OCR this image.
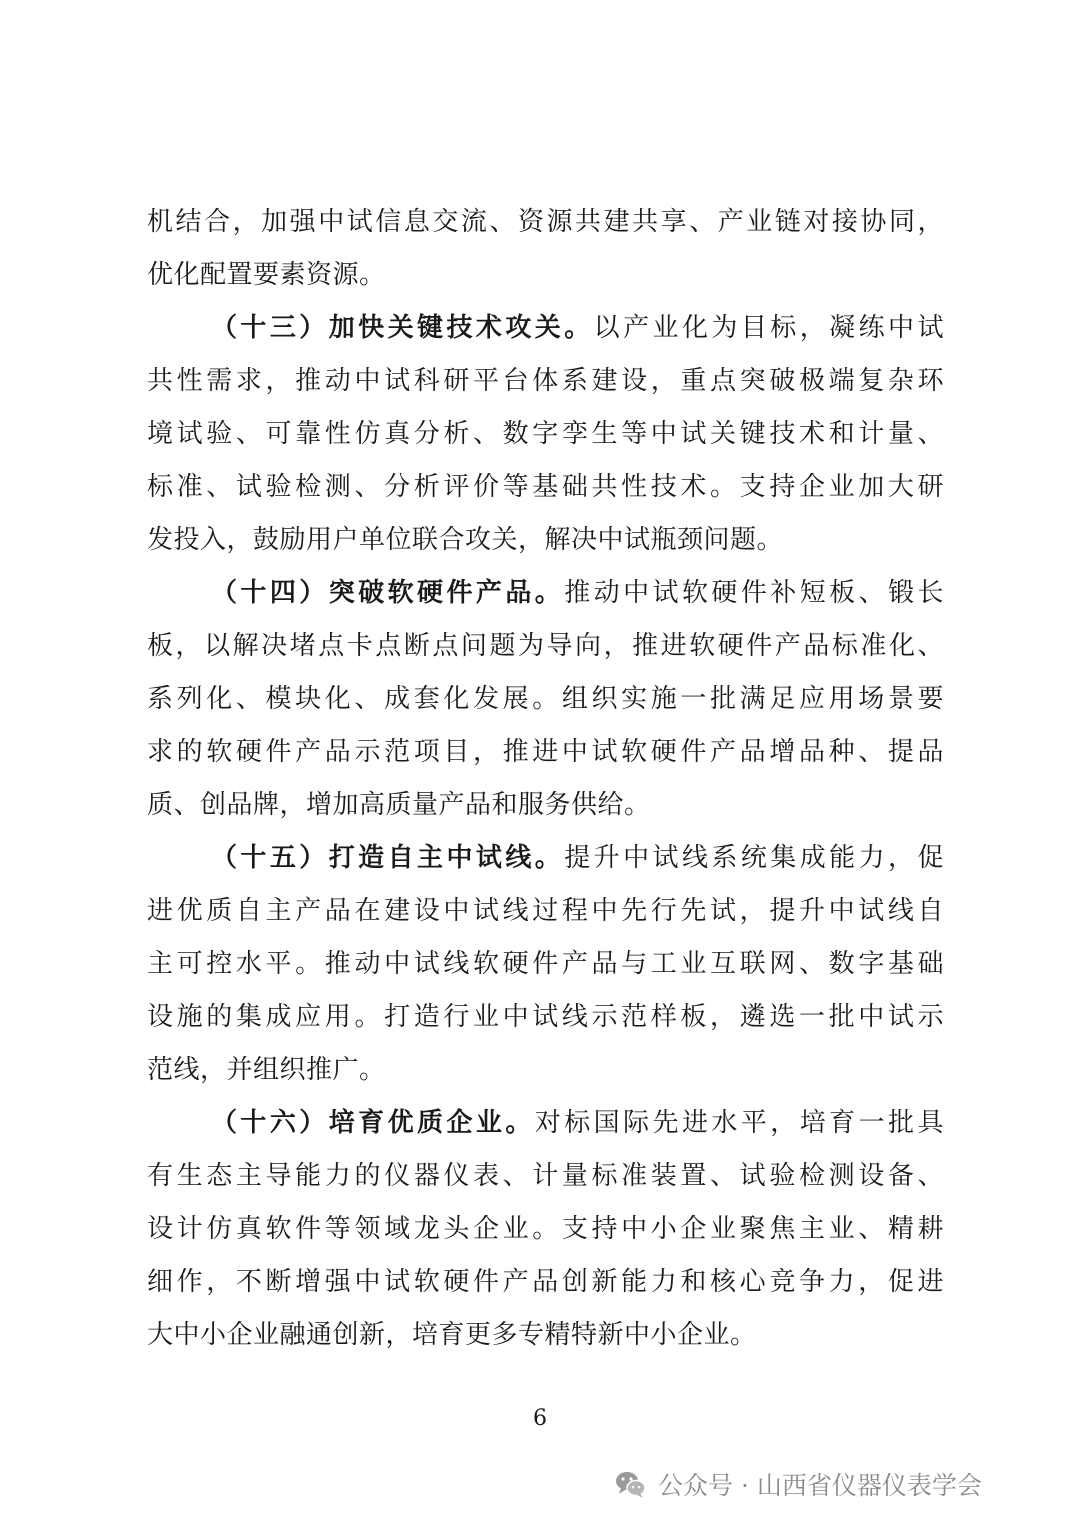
机结合，加强中试信息交流、资源共建共享、产业链对接协同，
优化配置要素资源。
（十三）加快关键技术攻关。以产业化为目标，凝练中试
共性需求，推动中试科研平台体系建设，重点突破极端复杂环
境试验、可靠性仿真分析、数字孪生等中试关键技术和计量、
标准、试验检测、分析评价等基础共性技术。支持企业加大研
发投入，鼓励用户单位联合攻关，解决中试瓶颈问题。
（十四）突破软硬件产品。推动中试软硬件补短板、锻长
板，以解决堵点卡点断点问题为导向，推进软硬件产品标准化、
系列化、模块化、成套化发展。组织实施一批满足应用场景要
求的软硬件产品示范项目，推进中试软硬件产品增品种、提品
质、创品牌，增加高质量产品和服务供给。
（十五）打造自主中试线。提升中试线系统集成能力，促
进优质自主产品在建设中试线过程中先行先试，提升中试线自
主可控水平。推动中试线软硬件产品与工业互联网、数字基础
设施的集成应用。打造行业中试线示范样板，遴选一批中试示
范线，并组织推广。
（十六）培育优质企业。对标国际先进水平，培育一批具
有生态主导能力的仪器仪表、计量标准装置、试验检测设备、
设计仿真软件等领域龙头企业。支持中小企业聚焦主业、精耕
细作，不断增强中试软硬件产品创新能力和核心竞争力，促进
大中小企业融通创新，培育更多专精特新中小企业。
6
公众号 · 山西省仪器仪表学会
